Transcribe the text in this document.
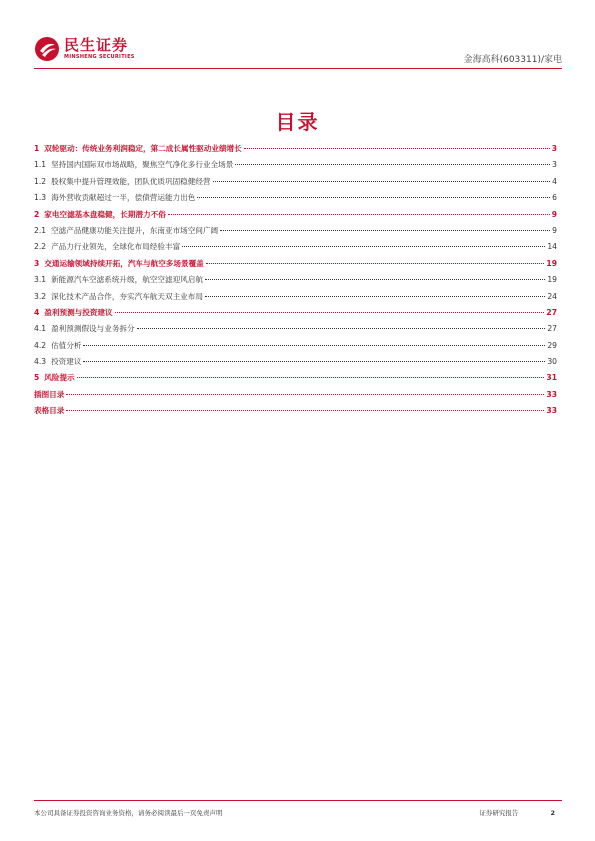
民生证券
MINSHENG SECURITIES	金海高科(603311)/家电
目录
1 双轮驱动：传统业务利润稳定，第二成长属性驱动业绩增长	3
1.1 坚持国内国际双市场战略，聚焦空气净化多行业全场景	3
1.2 股权集中提升管理效能，团队优质巩固稳健经营	4
1.3 海外营收贡献超过一半，偿债营运能力出色	6
2 家电空滤基本盘稳健，长期潜力不俗	9
2.1 空滤产品健康功能关注提升，东南亚市场空间广阔	9
2.2 产品力行业领先，全球化布局经验丰富	14
3 交通运输领域持续开拓，汽车与航空多场景覆盖	19
3.1 新能源汽车空滤系统升级，航空空滤迎风启航	19
3.2 深化技术产品合作，夯实汽车航天双主业布局	24
4 盈利预测与投资建议	27
4.1 盈利预测假设与业务拆分	27
4.2 估值分析	29
4.3 投资建议	30
5 风险提示	31
插图目录	33
表格目录	33
本公司具备证券投资咨询业务资格，请务必阅读最后一页免责声明	证券研究报告	2
